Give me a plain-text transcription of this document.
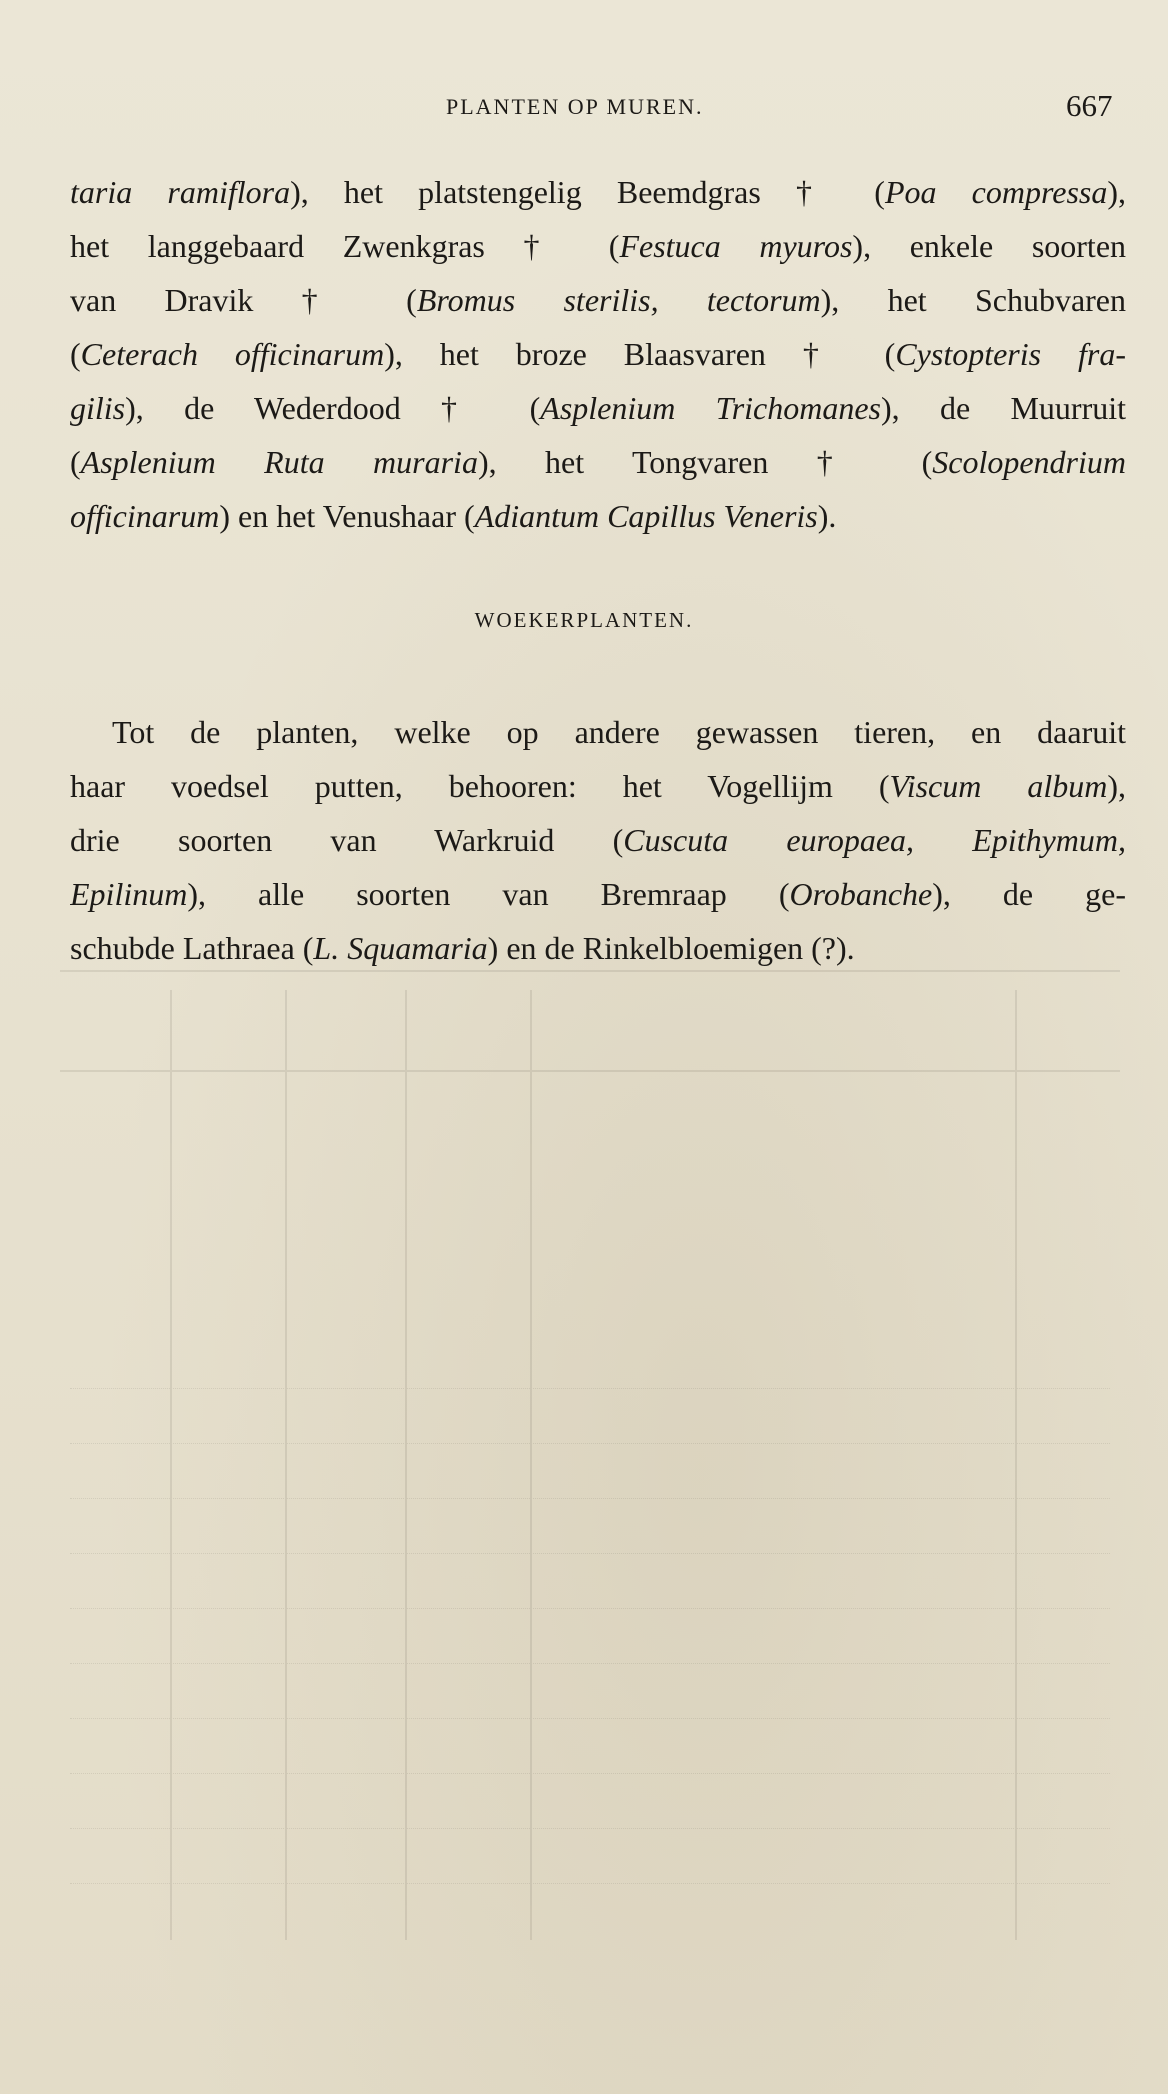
PLANTEN OP MUREN.	667
taria ramiflora), het platstengelig Beemdgras † (Poa compressa),
het langgebaard Zwenkgras † (Festuca myuros), enkele soorten
van Dravik † (Bromus sterilis, tectorum), het Schubvaren
(Ceterach officinarum), het broze Blaasvaren † (Cystopteris fra-
gilis), de Wederdood † (Asplenium Trichomanes), de Muurruit
(Asplenium Ruta muraria), het Tongvaren † (Scolopendrium
officinarum) en het Venushaar (Adiantum Capillus Veneris).
WOEKERPLANTEN.
Tot de planten, welke op andere gewassen tieren, en daaruit
haar voedsel putten, behooren: het Vogellijm (Viscum album),
drie soorten van Warkruid (Cuscuta europaea, Epithymum,
Epilinum), alle soorten van Bremraap (Orobanche), de ge-
schubde Lathraea (L. Squamaria) en de Rinkelbloemigen (?).
